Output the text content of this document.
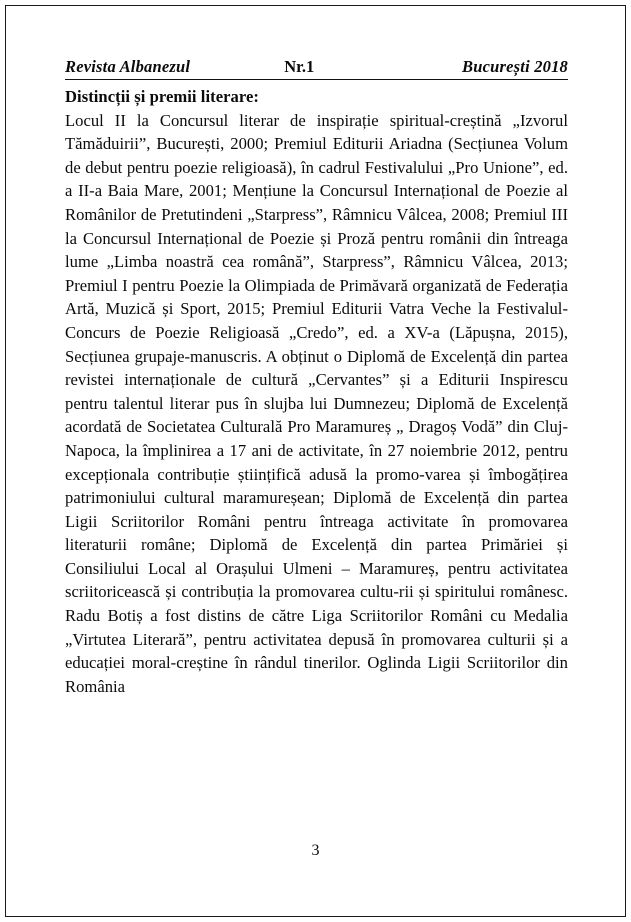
Revista Albanezul	Nr.1	București 2018
Distincții și premii literare:

Locul II la Concursul literar de inspirație spiritual-creștină „Izvorul Tămăduirii”, București, 2000; Premiul Editurii Ariadna (Secțiunea Volum de debut pentru poezie religioasă), în cadrul Festivalului „Pro Unione”, ed. a II-a Baia Mare, 2001; Mențiune la Concursul Internațional de Poezie al Românilor de Pretutindeni „Starpress”, Râmnicu Vâlcea, 2008; Premiul III la Concursul Internațional de Poezie și Proză pentru românii din întreaga lume „Limba noastră cea română”, Starpress”, Râmnicu Vâlcea, 2013; Premiul I pentru Poezie la Olimpiada de Primăvară organizată de Federația Artă, Muzică și Sport, 2015; Premiul Editurii Vatra Veche la Festivalul-Concurs de Poezie Religioasă „Credo”, ed. a XV-a (Lăpușna, 2015), Secțiunea grupaje-manuscris. A obținut o Diplomă de Excelență din partea revistei internaționale de cultură „Cervantes” și a Editurii Inspirescu pentru talentul literar pus în slujba lui Dumnezeu; Diplomă de Excelență acordată de Societatea Culturală Pro Maramureș „ Dragoș Vodă” din Cluj-Napoca, la împlinirea a 17 ani de activitate, în 27 noiembrie 2012, pentru excepționala contribuție științifică adusă la promo-varea și îmbogățirea patrimoniului cultural maramureșean; Diplomă de Excelență din partea Ligii Scriitorilor Români pentru întreaga activitate în promovarea literaturii române; Diplomă de Excelență din partea Primăriei și Consiliului Local al Orașului Ulmeni – Maramureș, pentru activitatea scriitoricească și contribuția la promovarea cultu-rii și spiritului românesc. Radu Botiș a fost distins de către Liga Scriitorilor Români cu Medalia „Virtutea Literară”, pentru activitatea depusă în promovarea culturii și a educației moral-creștine în rândul tinerilor. Oglinda Ligii Scriitorilor din România

3
